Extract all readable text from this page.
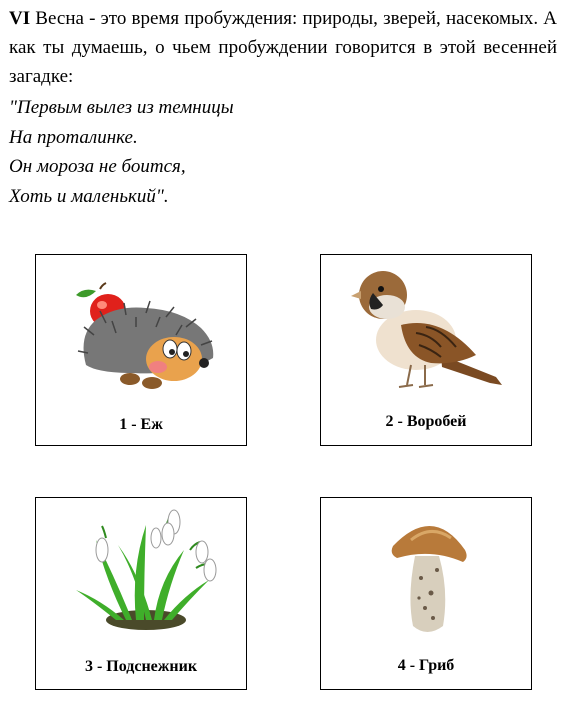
VI Весна - это время пробуждения: природы, зверей, насекомых. А как ты думаешь, о чьем пробуждении говорится в этой весенней загадке:
"Первым вылез из темницы
На проталинке.
Он мороза не боится,
Хоть и маленький".
1 - Еж	2 - Воробей
3 - Подснежник	4 - Гриб
